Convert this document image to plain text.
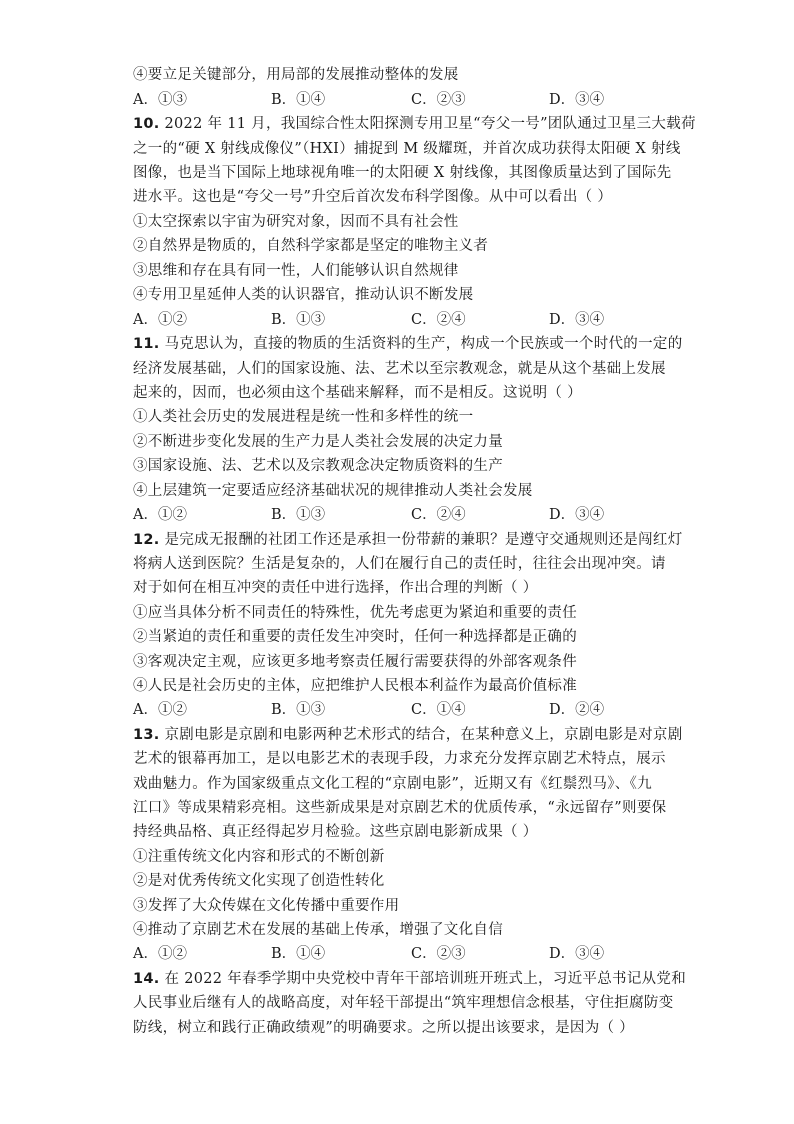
④要立足关键部分，用局部的发展推动整体的发展
A．①③	B．①④	C．②③	D．③④
10. 2022 年 11 月，我国综合性太阳探测专用卫星“夸父一号”团队通过卫星三大载荷
之一的“硬 X 射线成像仪”（HXI）捕捉到 M 级耀斑，并首次成功获得太阳硬 X 射线
图像，也是当下国际上地球视角唯一的太阳硬 X 射线像，其图像质量达到了国际先
进水平。这也是“夸父一号”升空后首次发布科学图像。从中可以看出（ ）
①太空探索以宇宙为研究对象，因而不具有社会性
②自然界是物质的，自然科学家都是坚定的唯物主义者
③思维和存在具有同一性，人们能够认识自然规律
④专用卫星延伸人类的认识器官，推动认识不断发展
A．①②	B．①③	C．②④	D．③④
11. 马克思认为，直接的物质的生活资料的生产，构成一个民族或一个时代的一定的
经济发展基础，人们的国家设施、法、艺术以至宗教观念，就是从这个基础上发展
起来的，因而，也必须由这个基础来解释，而不是相反。这说明（ ）
①人类社会历史的发展进程是统一性和多样性的统一
②不断进步变化发展的生产力是人类社会发展的决定力量
③国家设施、法、艺术以及宗教观念决定物质资料的生产
④上层建筑一定要适应经济基础状况的规律推动人类社会发展
A．①②	B．①③	C．②④	D．③④
12. 是完成无报酬的社团工作还是承担一份带薪的兼职？是遵守交通规则还是闯红灯
将病人送到医院？生活是复杂的，人们在履行自己的责任时，往往会出现冲突。请
对于如何在相互冲突的责任中进行选择，作出合理的判断（ ）
①应当具体分析不同责任的特殊性，优先考虑更为紧迫和重要的责任
②当紧迫的责任和重要的责任发生冲突时，任何一种选择都是正确的
③客观决定主观，应该更多地考察责任履行需要获得的外部客观条件
④人民是社会历史的主体，应把维护人民根本利益作为最高价值标准
A．①②	B．①③	C．①④	D．②④
13. 京剧电影是京剧和电影两种艺术形式的结合，在某种意义上，京剧电影是对京剧
艺术的银幕再加工，是以电影艺术的表现手段，力求充分发挥京剧艺术特点，展示
戏曲魅力。作为国家级重点文化工程的“京剧电影”，近期又有《红鬃烈马》、《九
江口》等成果精彩亮相。这些新成果是对京剧艺术的优质传承，“永远留存”则要保
持经典品格、真正经得起岁月检验。这些京剧电影新成果（ ）
①注重传统文化内容和形式的不断创新
②是对优秀传统文化实现了创造性转化
③发挥了大众传媒在文化传播中重要作用
④推动了京剧艺术在发展的基础上传承，增强了文化自信
A．①②	B．①④	C．②③	D．③④
14. 在 2022 年春季学期中央党校中青年干部培训班开班式上，习近平总书记从党和
人民事业后继有人的战略高度，对年轻干部提出“筑牢理想信念根基，守住拒腐防变
防线，树立和践行正确政绩观”的明确要求。之所以提出该要求，是因为（ ）
